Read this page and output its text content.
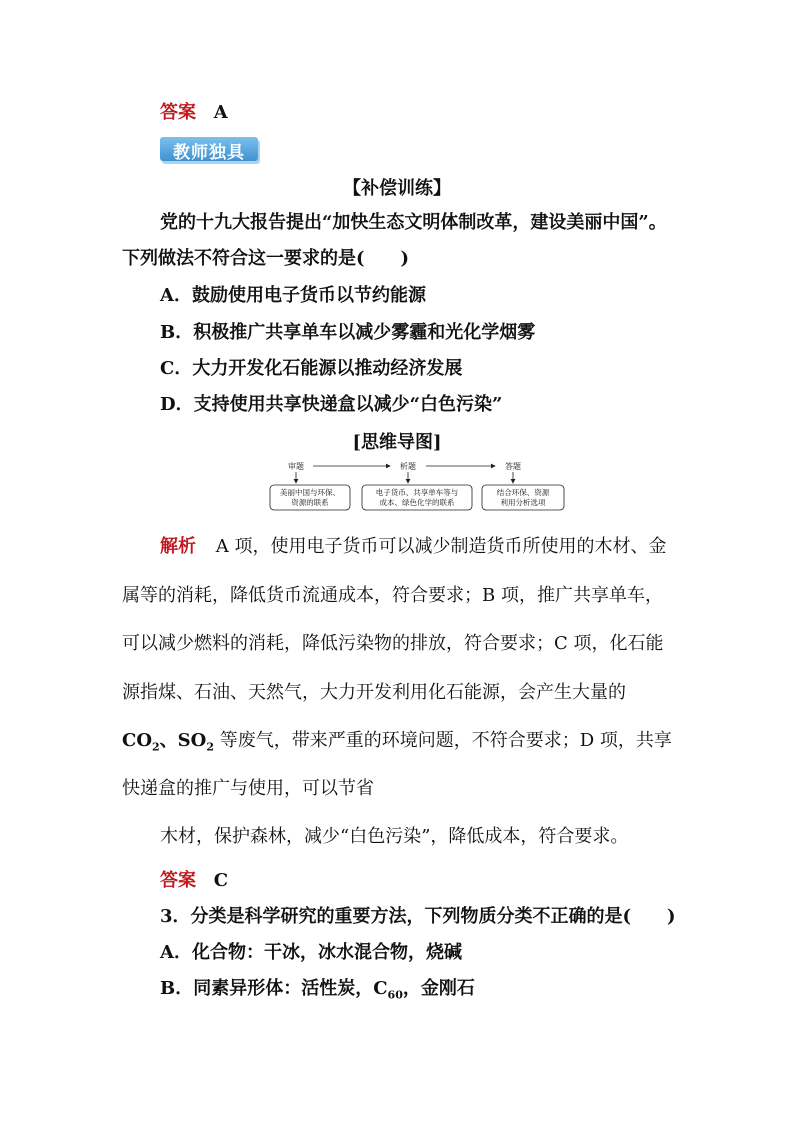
答案 A
教师独具
【补偿训练】
党的十九大报告提出“加快生态文明体制改革，建设美丽中国”。
下列做法不符合这一要求的是(　　)
A．鼓励使用电子货币以节约能源
B．积极推广共享单车以减少雾霾和光化学烟雾
C．大力开发化石能源以推动经济发展
D．支持使用共享快递盒以减少“白色污染”
[思维导图]
审题	析题	答题
美丽中国与环保、
资源的联系
电子货币、共享单车等与
成本、绿色化学的联系
结合环保、资源
利用分析选项
解析 A 项，使用电子货币可以减少制造货币所使用的木材、金
属等的消耗，降低货币流通成本，符合要求；B 项，推广共享单车，
可以减少燃料的消耗，降低污染物的排放，符合要求；C 项，化石能
源指煤、石油、天然气，大力开发利用化石能源，会产生大量的
$CO_2$、$SO_2$ 等废气，带来严重的环境问题，不符合要求；D 项，共享
快递盒的推广与使用，可以节省
木材，保护森林，减少“白色污染”，降低成本，符合要求。
答案 C
3．分类是科学研究的重要方法，下列物质分类不正确的是(　　)
A．化合物：干冰，冰水混合物，烧碱
B．同素异形体：活性炭，$C_{60}$，金刚石
